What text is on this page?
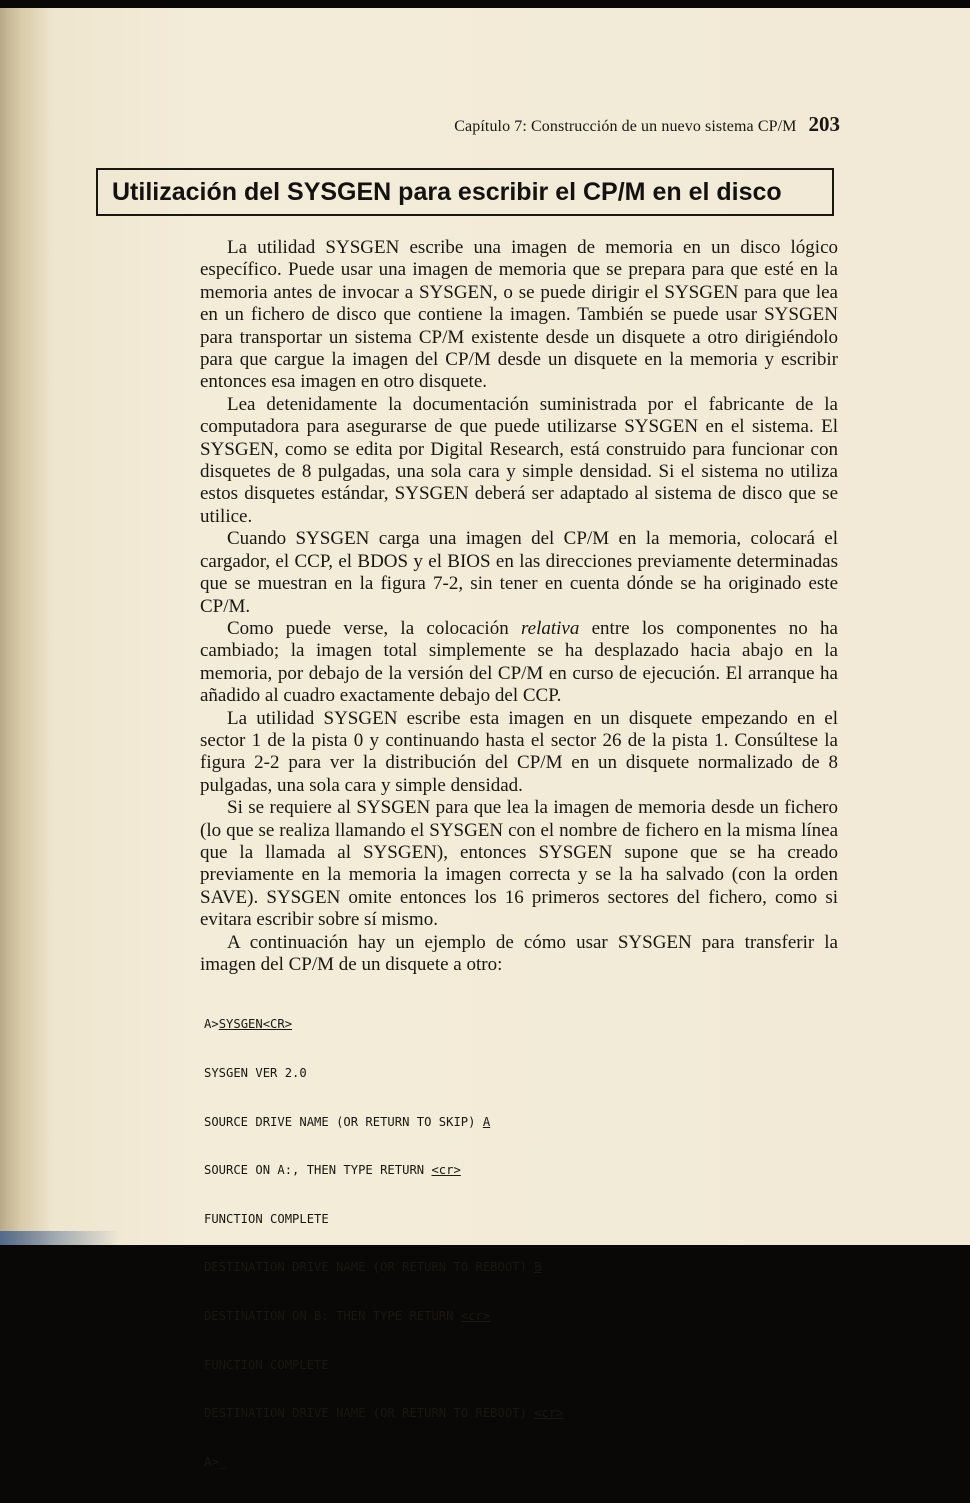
Capítulo 7: Construcción de un nuevo sistema CP/M 203
Utilización del SYSGEN para escribir el CP/M en el disco

La utilidad SYSGEN escribe una imagen de memoria en un disco lógico específico. Puede usar una imagen de memoria que se prepara para que esté en la memoria antes de invocar a SYSGEN, o se puede dirigir el SYSGEN para que lea en un fichero de disco que contiene la imagen. También se puede usar SYSGEN para transportar un sistema CP/M existente desde un disquete a otro dirigiéndolo para que cargue la imagen del CP/M desde un disquete en la memoria y escribir entonces esa imagen en otro disquete.

Lea detenidamente la documentación suministrada por el fabricante de la computadora para asegurarse de que puede utilizarse SYSGEN en el sistema. El SYSGEN, como se edita por Digital Research, está construido para funcionar con disquetes de 8 pulgadas, una sola cara y simple densidad. Si el sistema no utiliza estos disquetes estándar, SYSGEN deberá ser adaptado al sistema de disco que se utilice.

Cuando SYSGEN carga una imagen del CP/M en la memoria, colocará el cargador, el CCP, el BDOS y el BIOS en las direcciones previamente determinadas que se muestran en la figura 7-2, sin tener en cuenta dónde se ha originado este CP/M.

Como puede verse, la colocación relativa entre los componentes no ha cambiado; la imagen total simplemente se ha desplazado hacia abajo en la memoria, por debajo de la versión del CP/M en curso de ejecución. El arranque ha añadido al cuadro exactamente debajo del CCP.

La utilidad SYSGEN escribe esta imagen en un disquete empezando en el sector 1 de la pista 0 y continuando hasta el sector 26 de la pista 1. Consúltese la figura 2-2 para ver la distribución del CP/M en un disquete normalizado de 8 pulgadas, una sola cara y simple densidad.

Si se requiere al SYSGEN para que lea la imagen de memoria desde un fichero (lo que se realiza llamando el SYSGEN con el nombre de fichero en la misma línea que la llamada al SYSGEN), entonces SYSGEN supone que se ha creado previamente en la memoria la imagen correcta y se la ha salvado (con la orden SAVE). SYSGEN omite entonces los 16 primeros sectores del fichero, como si evitara escribir sobre sí mismo.

A continuación hay un ejemplo de cómo usar SYSGEN para transferir la imagen del CP/M de un disquete a otro:

A>SYSGEN<CR>

SYSGEN VER 2.0

SOURCE DRIVE NAME (OR RETURN TO SKIP) A

SOURCE ON A:, THEN TYPE RETURN <cr>

FUNCTION COMPLETE

DESTINATION DRIVE NAME (OR RETURN TO REBOOT) B

DESTINATION ON B: THEN TYPE RETURN <cr>

FUNCTION COMPLETE

DESTINATION DRIVE NAME (OR RETURN TO REBOOT) <cr>

A>_
